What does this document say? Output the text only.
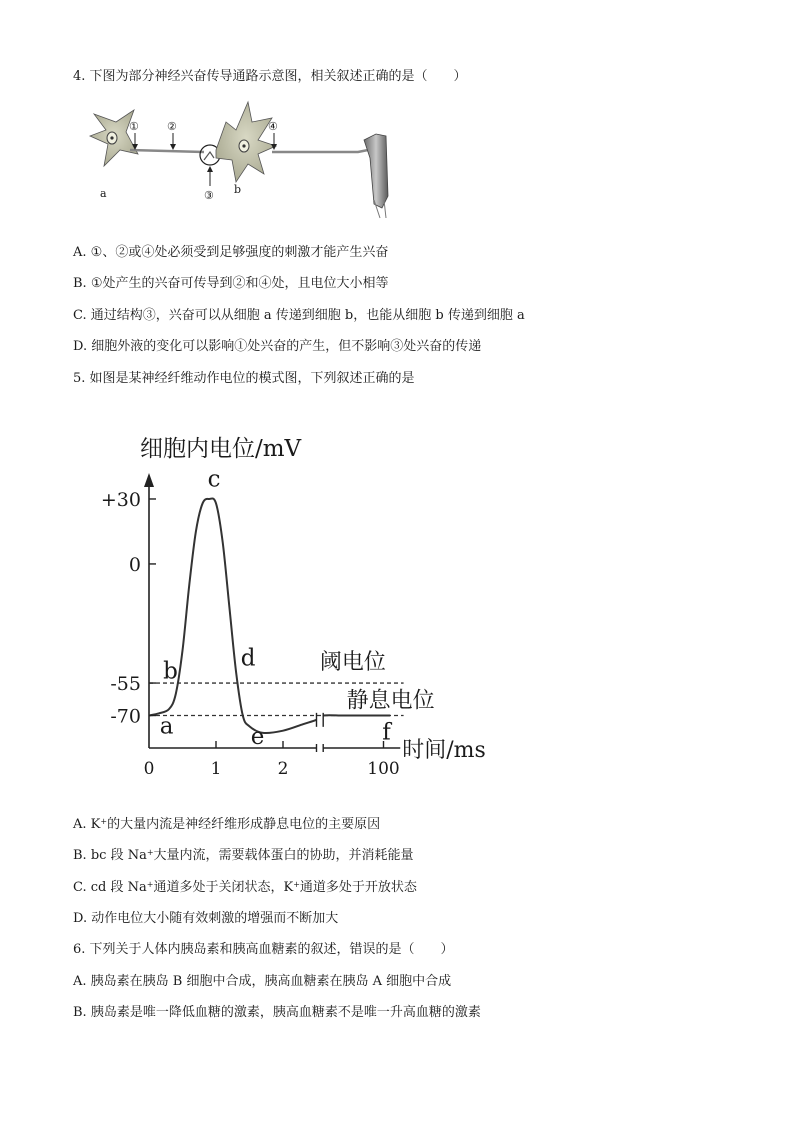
4. 下图为部分神经兴奋传导通路示意图，相关叙述正确的是（　　）
①	②
③
④
a	b
A. ①、②或④处必须受到足够强度的刺激才能产生兴奋
B. ①处产生的兴奋可传导到②和④处，且电位大小相等
C. 通过结构③，兴奋可以从细胞 a 传递到细胞 b，也能从细胞 b 传递到细胞 a
D. 细胞外液的变化可以影响①处兴奋的产生，但不影响③处兴奋的传递
5. 如图是某神经纤维动作电位的模式图，下列叙述正确的是
细胞内电位/mV
阈电位
静息电位
+30
0
-55
-70
0	1	2	100
a
b
c
d
e	f
时间/ms
A. K+的大量内流是神经纤维形成静息电位的主要原因
B. bc 段 Na+大量内流，需要载体蛋白的协助，并消耗能量
C. cd 段 Na+通道多处于关闭状态，K+通道多处于开放状态
D. 动作电位大小随有效刺激的增强而不断加大
6. 下列关于人体内胰岛素和胰高血糖素的叙述，错误的是（　　）
A. 胰岛素在胰岛 B 细胞中合成，胰高血糖素在胰岛 A 细胞中合成
B. 胰岛素是唯一降低血糖的激素，胰高血糖素不是唯一升高血糖的激素
